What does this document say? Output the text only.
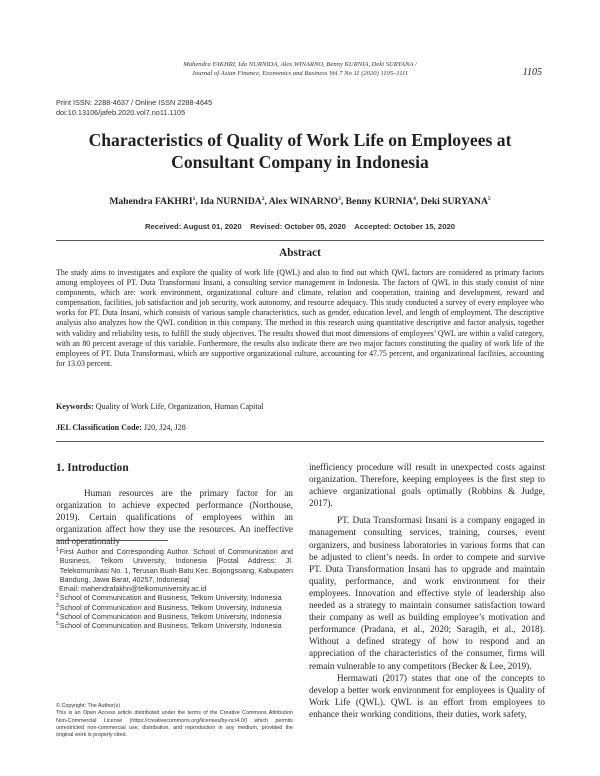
Mahendra FAKHRI, Ida NURNIDA, Alex WINARNO, Benny KURNIA, Deki SURYANA /
Journal of Asian Finance, Economics and Business Vol 7 No 11 (2020) 1105–1111	1105
Print ISSN: 2288-4637 / Online ISSN 2288-4645
doi:10.13106/jafeb.2020.vol7.no11.1105
Characteristics of Quality of Work Life on Employees at
Consultant Company in Indonesia
Mahendra FAKHRI$^1$, Ida NURNIDA$^2$, Alex WINARNO$^3$, Benny KURNIA$^4$, Deki SURYANA$^5$
Received: August 01, 2020    Revised: October 05, 2020    Accepted: October 15, 2020
Abstract
The study aims to investigates and explore the quality of work life (QWL) and also to find out which QWL factors are considered as primary factors among employees of PT. Duta Transformasi Insani, a consulting service management in Indonesia. The factors of QWL in this study consist of nine components, which are: work environment, organizational culture and climate, relation and cooperation, training and development, reward and compensation, facilities, job satisfaction and job security, work autonomy, and resource adequacy. This study conducted a survey of every employee who works for PT. Duta Insani, which consists of various sample characteristics, such as gender, education level, and length of employment. The descriptive analysis also analyzes how the QWL condition in this company. The method in this research using quantitative descriptive and factor analysis, together with validity and reliability tests, to fulfill the study objectives. The results showed that most dimensions of employees’ QWL are within a valid category, with an 80 percent average of this variable. Furthermore, the results also indicate there are two major factors constituting the quality of work life of the employees of PT. Duta Transformasi, which are supportive organizational culture, accounting for 47.75 percent, and organizational facilities, accounting for 13.03 percent.
Keywords: Quality of Work Life, Organization, Human Capital
JEL Classification Code: J20, J24, J28
1. Introduction

Human resources are the primary factor for an organization to achieve expected performance (Northouse, 2019). Certain qualifications of employees within an organization affect how they use the resources. An ineffective and operationally

inefficiency procedure will result in unexpected costs against organization. Therefore, keeping employees is the first step to achieve organizational goals optimally (Robbins & Judge, 2017).

PT. Duta Transformasi Insani is a company engaged in management consulting services, training, courses, event organizers, and business laboratories in various forms that can be adjusted to client’s needs. In order to compete and survive PT. Duta Transformation Insani has to upgrade and maintain quality, performance, and work environment for their employees. Innovation and effective style of leadership also needed as a strategy to maintain consumer satisfaction toward their company as well as building employee’s motivation and performance (Pradana, et al., 2020; Saragih, et al., 2018). Without a defined strategy of how to respond and an appreciation of the characteristics of the consumer, firms will remain vulnerable to any competitors (Becker & Lee, 2019).

Hermawati (2017) states that one of the concepts to develop a better work environment for employees is Quality of Work Life (QWL). QWL is an effort from employees to enhance their working conditions, their duties, work safety,

1 First Author and Corresponding Author. School of Communication and Business, Telkom University, Indonesia [Postal Address: Jl. Telekomunikasi No. 1, Terusan Buah Batu Kec. Bojongsoang, Kabupaten Bandung, Jawa Barat, 40257, Indonesia]
Email: mahendrafakhri@telkomuniversity.ac.id
2 School of Communication and Business, Telkom University, Indonesia
3 School of Communication and Business, Telkom University, Indonesia
4 School of Communication and Business, Telkom University, Indonesia
5 School of Communication and Business, Telkom University, Indonesia
© Copyright: The Author(s)
This is an Open Access article distributed under the terms of the Creative Commons Attribution Non-Commercial License (https://creativecommons.org/licenses/by-nc/4.0/) which permits unrestricted non-commercial use, distribution, and reproduction in any medium, provided the original work is properly cited.
